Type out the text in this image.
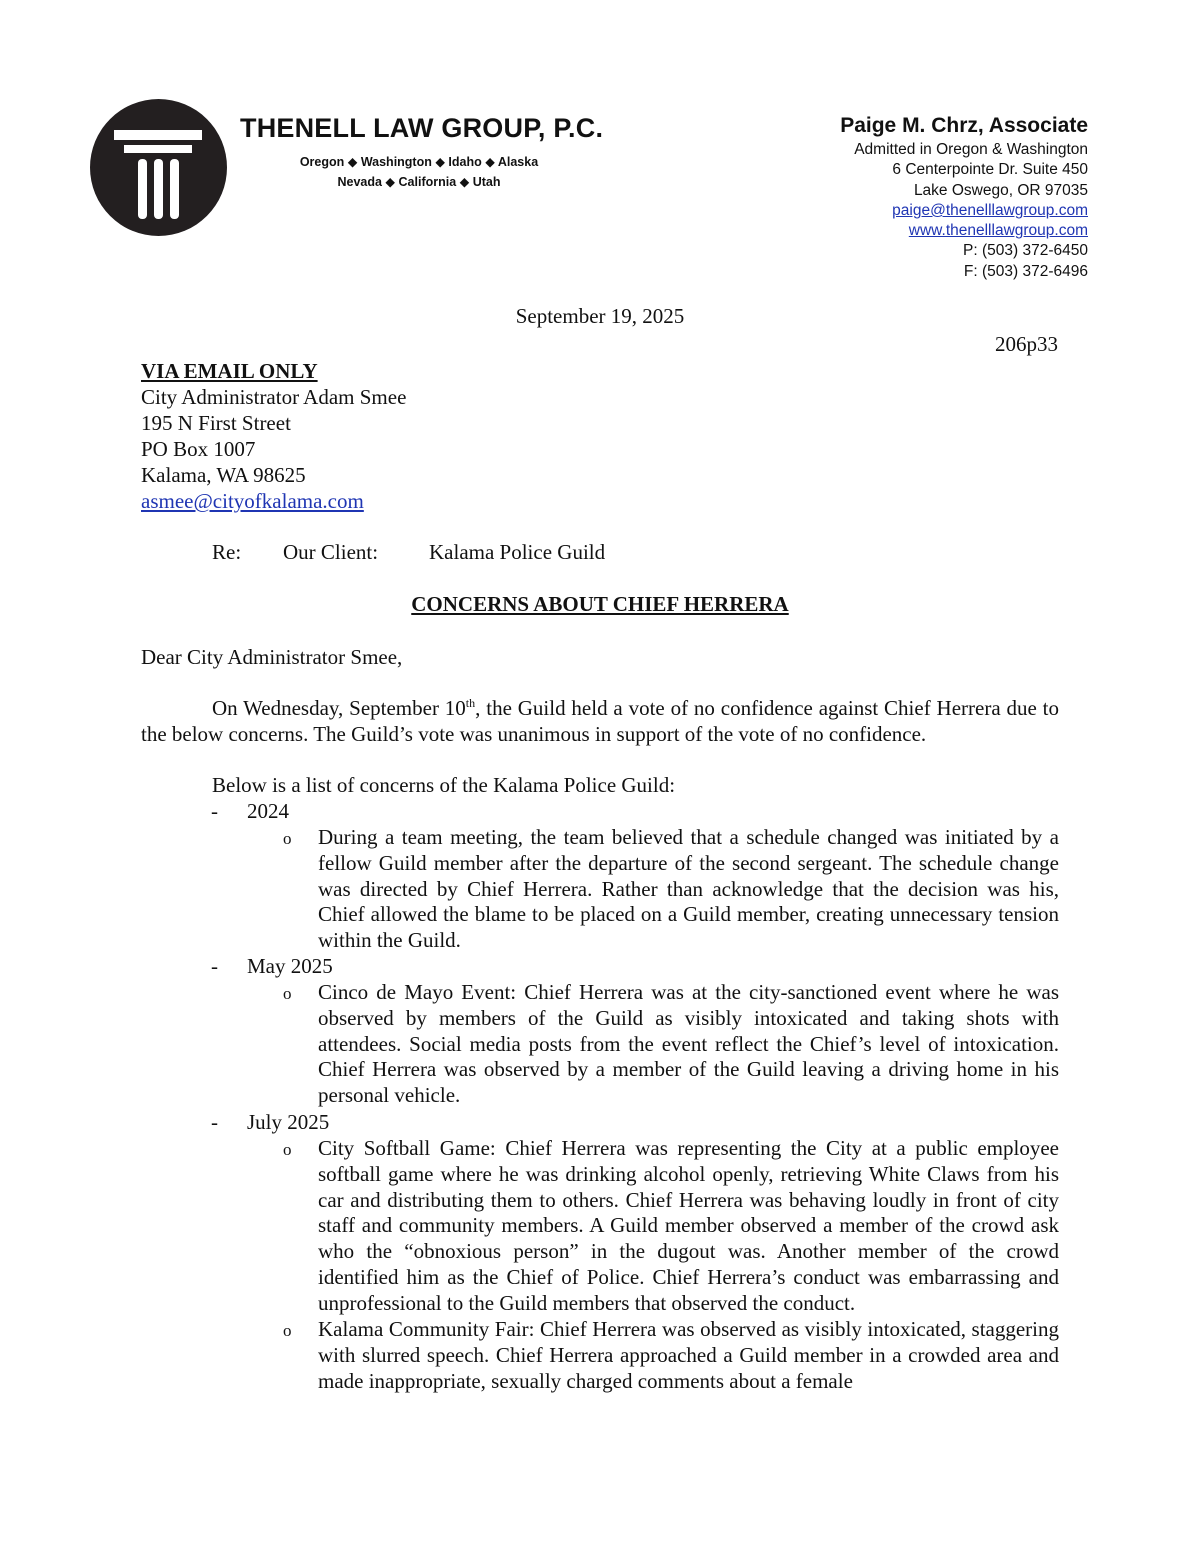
THENELL LAW GROUP, P.C.
Oregon ◆ Washington ◆ Idaho ◆ Alaska
Nevada ◆ California ◆ Utah
Paige M. Chrz, Associate
Admitted in Oregon & Washington
6 Centerpointe Dr. Suite 450
Lake Oswego, OR 97035
paige@thenelllawgroup.com
www.thenelllawgroup.com
P: (503) 372-6450
F: (503) 372-6496
September 19, 2025
206p33
VIA EMAIL ONLY
City Administrator Adam Smee
195 N First Street
PO Box 1007
Kalama, WA 98625
asmee@cityofkalama.com
Re: Our Client: Kalama Police Guild
CONCERNS ABOUT CHIEF HERRERA
Dear City Administrator Smee,
On Wednesday, September 10th, the Guild held a vote of no confidence against Chief Herrera due to the below concerns. The Guild’s vote was unanimous in support of the vote of no confidence.
Below is a list of concerns of the Kalama Police Guild:
- 2024
o During a team meeting, the team believed that a schedule changed was initiated by a fellow Guild member after the departure of the second sergeant. The schedule change was directed by Chief Herrera. Rather than acknowledge that the decision was his, Chief allowed the blame to be placed on a Guild member, creating unnecessary tension within the Guild.
- May 2025
o Cinco de Mayo Event: Chief Herrera was at the city-sanctioned event where he was observed by members of the Guild as visibly intoxicated and taking shots with attendees. Social media posts from the event reflect the Chief’s level of intoxication. Chief Herrera was observed by a member of the Guild leaving a driving home in his personal vehicle.
- July 2025
o City Softball Game: Chief Herrera was representing the City at a public employee softball game where he was drinking alcohol openly, retrieving White Claws from his car and distributing them to others. Chief Herrera was behaving loudly in front of city staff and community members. A Guild member observed a member of the crowd ask who the “obnoxious person” in the dugout was. Another member of the crowd identified him as the Chief of Police. Chief Herrera’s conduct was embarrassing and unprofessional to the Guild members that observed the conduct.
o Kalama Community Fair: Chief Herrera was observed as visibly intoxicated, staggering with slurred speech. Chief Herrera approached a Guild member in a crowded area and made inappropriate, sexually charged comments about a female
